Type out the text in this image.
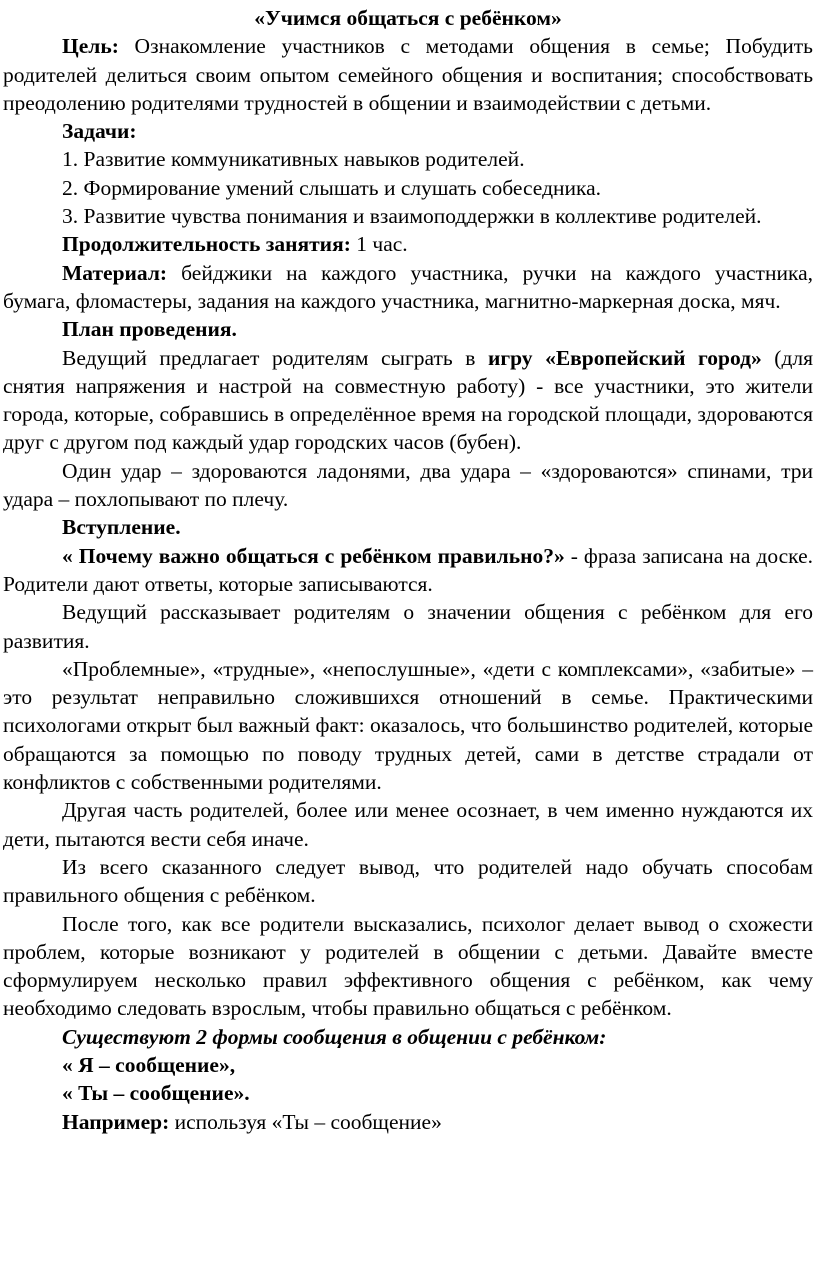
«Учимся общаться с ребёнком»

Цель: Ознакомление участников с методами общения в семье; Побудить родителей делиться своим опытом семейного общения и воспитания; способствовать преодолению родителями трудностей в общении и взаимодействии с детьми.

Задачи:

1. Развитие коммуникативных навыков родителей.

2. Формирование умений слышать и слушать собеседника.

3. Развитие чувства понимания и взаимоподдержки в коллективе родителей.

Продолжительность занятия: 1 час.

Материал: бейджики на каждого участника, ручки на каждого участника, бумага, фломастеры, задания на каждого участника, магнитно-маркерная доска, мяч.

План проведения.

Ведущий предлагает родителям сыграть в игру «Европейский город» (для снятия напряжения и настрой на совместную работу) - все участники, это жители города, которые, собравшись в определённое время на городской площади, здороваются друг с другом под каждый удар городских часов (бубен).

Один удар – здороваются ладонями, два удара – «здороваются» спинами, три удара – похлопывают по плечу.

Вступление.

« Почему важно общаться с ребёнком правильно?» - фраза записана на доске. Родители дают ответы, которые записываются.

Ведущий рассказывает родителям о значении общения с ребёнком для его развития.

«Проблемные», «трудные», «непослушные», «дети с комплексами», «забитые» – это результат неправильно сложившихся отношений в семье. Практическими психологами открыт был важный факт: оказалось, что большинство родителей, которые обращаются за помощью по поводу трудных детей, сами в детстве страдали от конфликтов с собственными родителями.

Другая часть родителей, более или менее осознает, в чем именно нуждаются их дети, пытаются вести себя иначе.

Из всего сказанного следует вывод, что родителей надо обучать способам правильного общения с ребёнком.

После того, как все родители высказались, психолог делает вывод о схожести проблем, которые возникают у родителей в общении с детьми. Давайте вместе сформулируем несколько правил эффективного общения с ребёнком, как чему необходимо следовать взрослым, чтобы правильно общаться с ребёнком.

Существуют 2 формы сообщения в общении с ребёнком:

« Я – сообщение»,

« Ты – сообщение».

Например: используя «Ты – сообщение»
